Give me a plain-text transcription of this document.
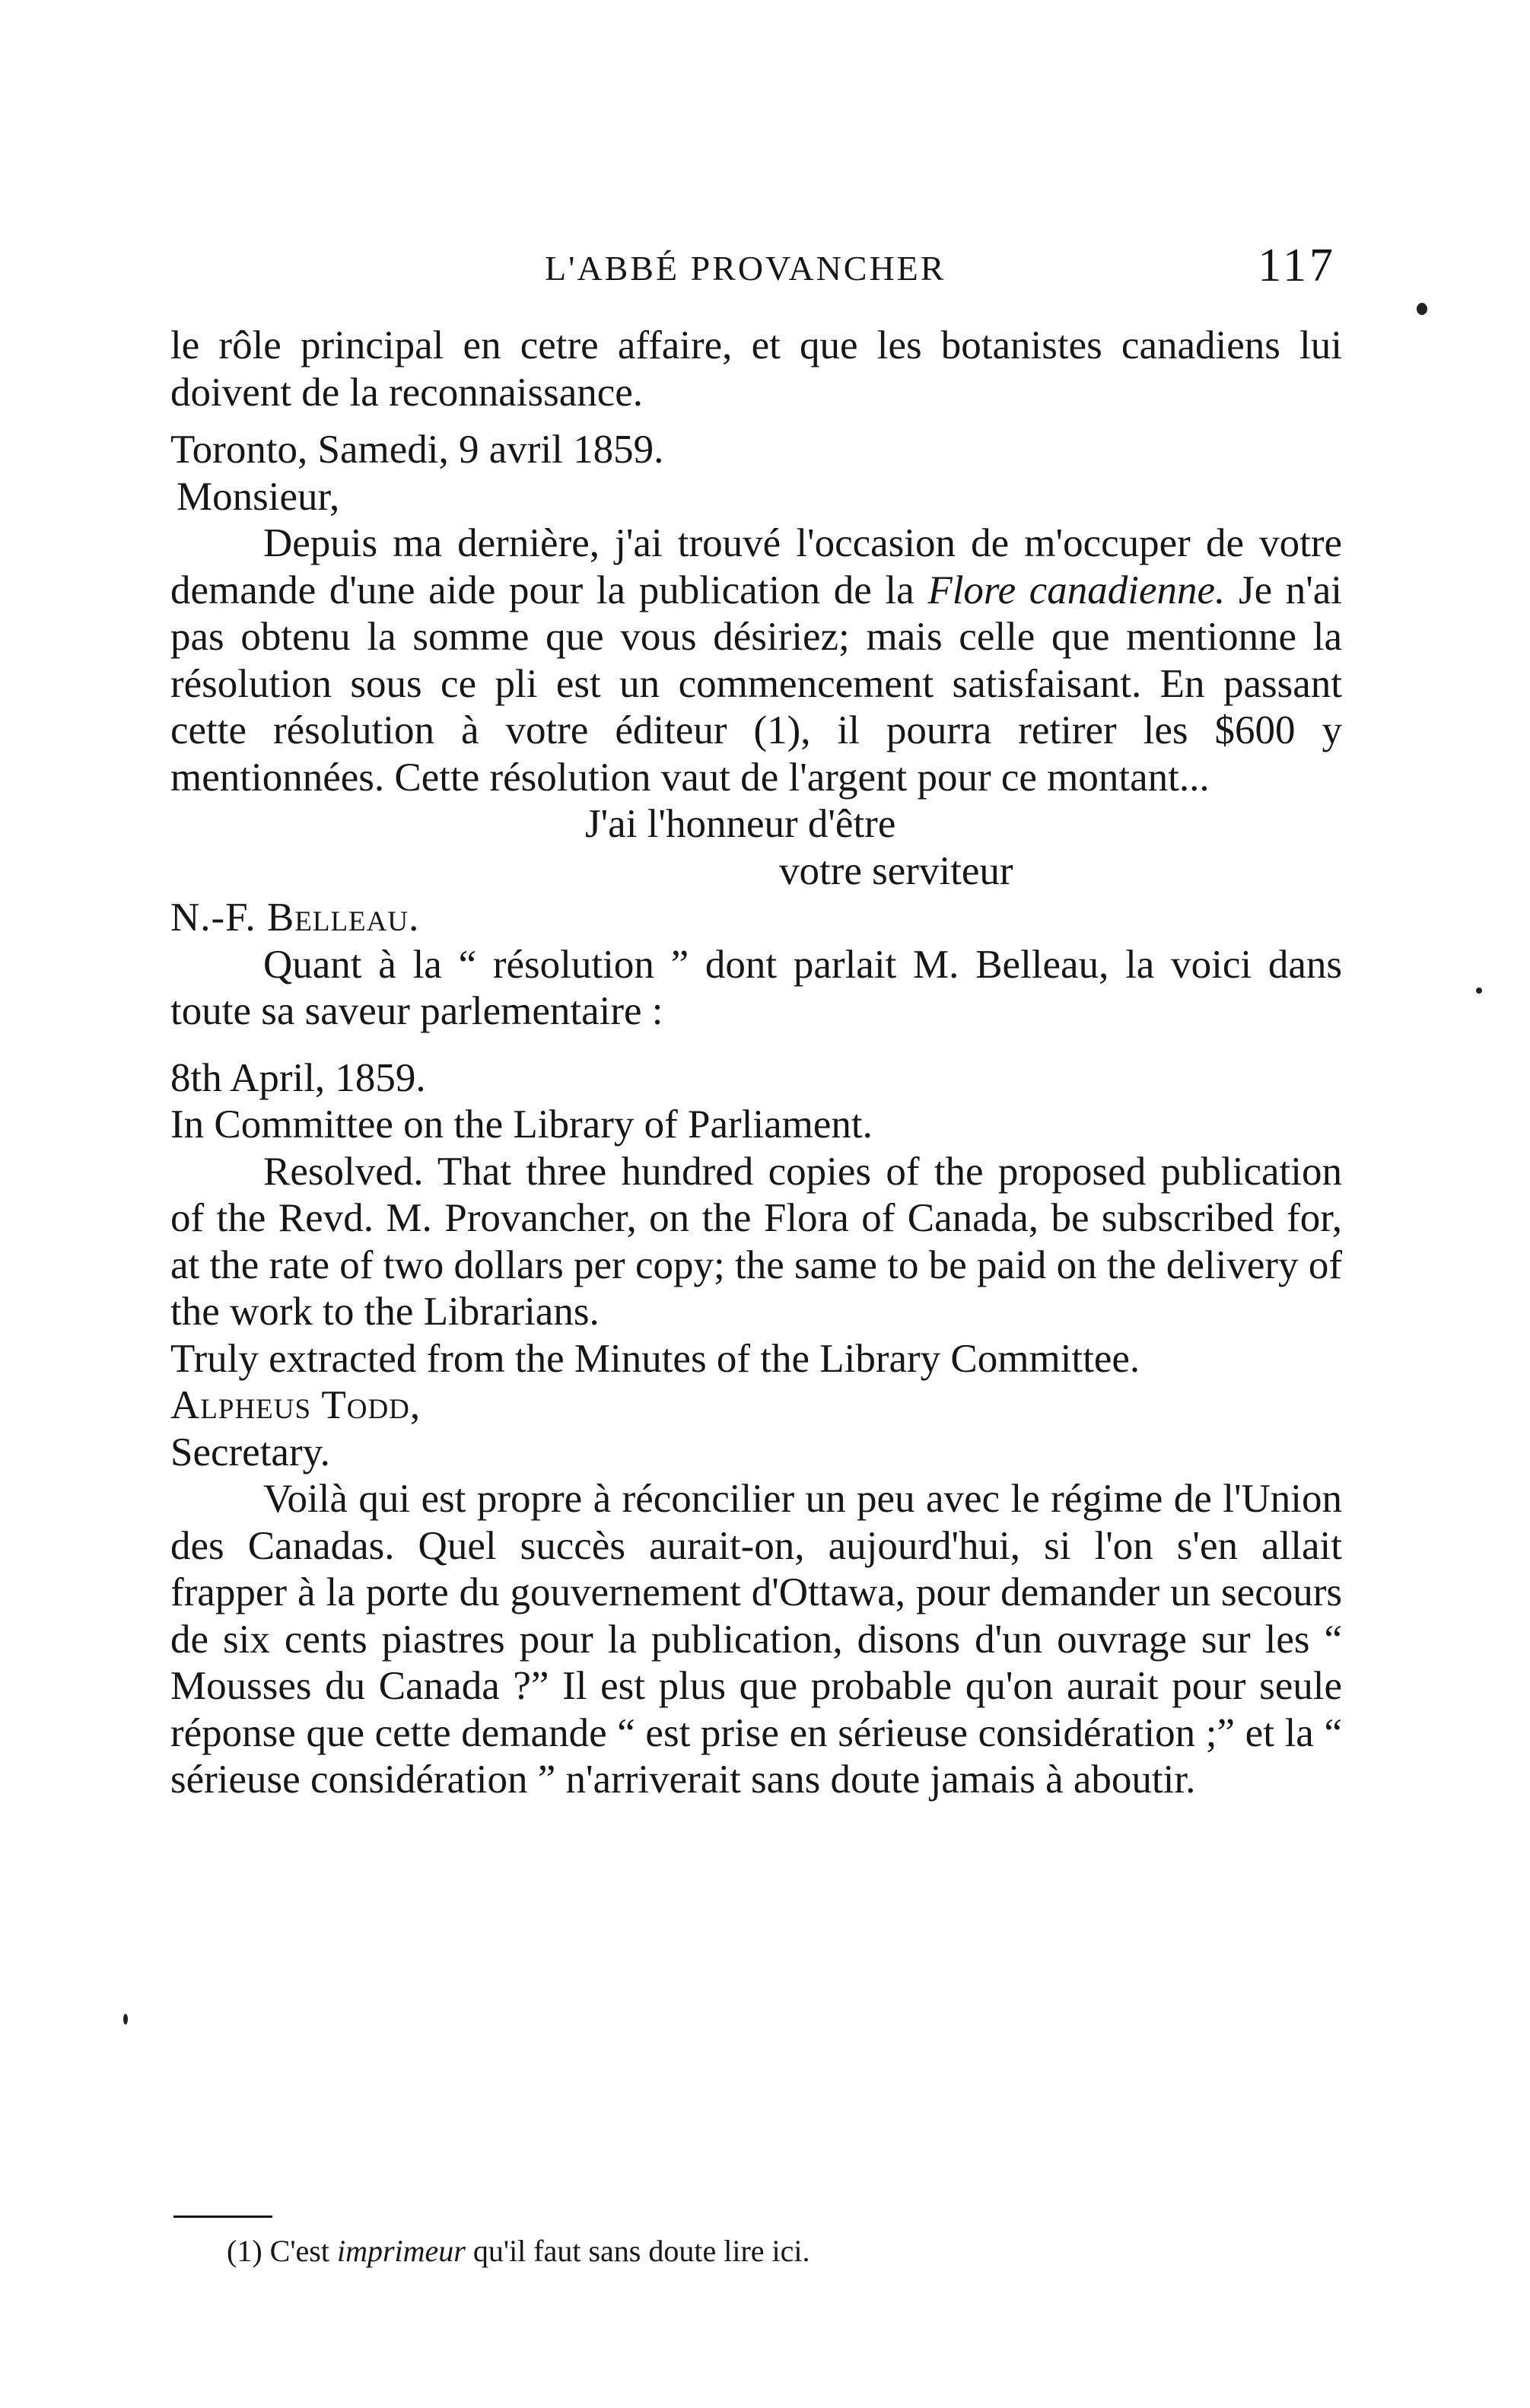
L'ABBÉ PROVANCHER	117

le rôle principal en cetre affaire, et que les botanistes canadiens lui doivent de la reconnaissance.

Toronto, Samedi, 9 avril 1859.

Monsieur,

Depuis ma dernière, j'ai trouvé l'occasion de m'occuper de votre demande d'une aide pour la publication de la Flore canadienne. Je n'ai pas obtenu la somme que vous désiriez; mais celle que mentionne la résolution sous ce pli est un commencement satisfaisant. En passant cette résolution à votre éditeur (1), il pourra retirer les $600 y mentionnées. Cette résolution vaut de l'argent pour ce montant...

J'ai l'honneur d'être

votre serviteur

N.-F. Belleau.

Quant à la “ résolution ” dont parlait M. Belleau, la voici dans toute sa saveur parlementaire :

8th April, 1859.

In Committee on the Library of Parliament.

Resolved. That three hundred copies of the proposed publication of the Revd. M. Provancher, on the Flora of Canada, be subscribed for, at the rate of two dollars per copy; the same to be paid on the delivery of the work to the Librarians.

Truly extracted from the Minutes of the Library Committee.

Alpheus Todd,

Secretary.

Voilà qui est propre à réconcilier un peu avec le régime de l'Union des Canadas. Quel succès aurait-on, aujourd'hui, si l'on s'en allait frapper à la porte du gouvernement d'Ottawa, pour demander un secours de six cents piastres pour la publication, disons d'un ouvrage sur les “ Mousses du Canada ?” Il est plus que probable qu'on aurait pour seule réponse que cette demande “ est prise en sérieuse considération ;” et la “ sérieuse considération ” n'arriverait sans doute jamais à aboutir.

(1) C'est imprimeur qu'il faut sans doute lire ici.
